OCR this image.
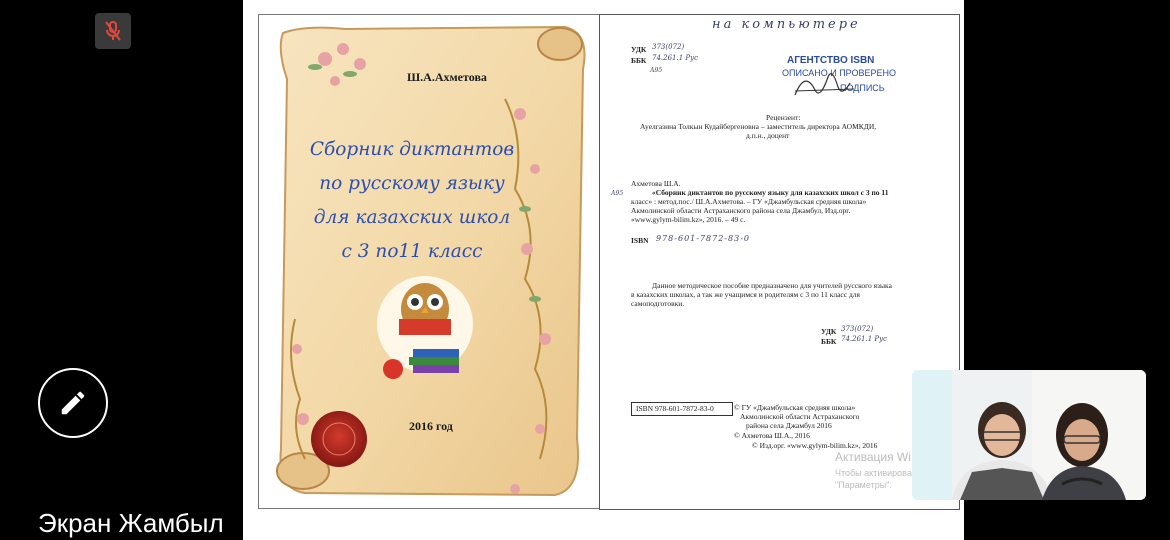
Экран Жамбыл
Ш.А.Ахметова
Сборник диктантов
по русскому языку
для казахских школ
с 3 по11 класс
2016 год
на компьютере
УДК 373(072)
ББК 74.261.1 Рус
А95
АГЕНТСТВО ISBN
ОПИСАНО И ПРОВЕРЕНО
ПОДПИСЬ
Рецензент:
Ауелгазина Толкын Кудайбергеновна – заместитель директора АОМКДИ,
д.п.н., доцент
А95
Ахметова Ш.А.
«Сборник диктантов по русскому языку для казахских школ с 3 по 11
класс» : метод.пос./ Ш.А.Ахметова. – ГУ «Джамбульская средняя школа»
Акмолинской области Астраханского района села Джамбул, Изд.орг.
«www.gylym-bilim.kz», 2016. – 49 с.
ISBN 978-601-7872-83-0
Данное методическое пособие предназначено для учителей русского языка
в казахских школах, а так же учащимся и родителям с 3 по 11 класс для
самоподготовки.
УДК 373(072)
ББК 74.261.1 Рус
ISBN 978-601-7872-83-0	© ГУ «Джамбульская средняя школа»
Акмолинской области Астраханского
района села Джамбул 2016
© Ахметова Ш.А., 2016
© Изд.орг. «www.gylym-bilim.kz», 2016
Активация Wi
Чтобы активирова
"Параметры".
